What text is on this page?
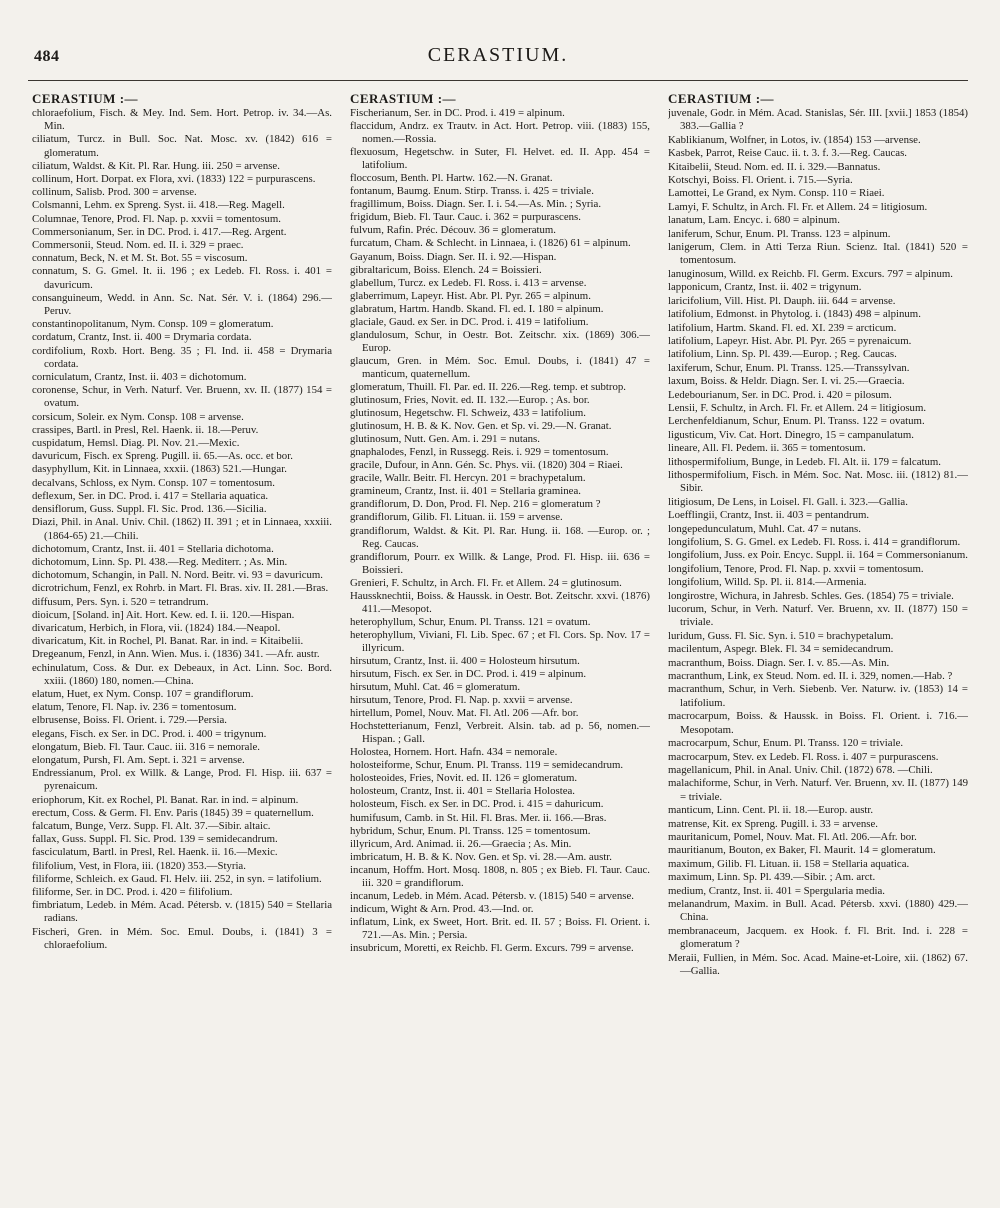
484	CERASTIUM.
CERASTIUM :—

chloraefolium, Fisch. & Mey. Ind. Sem. Hort. Petrop. iv. 34.—As. Min.

ciliatum, Turcz. in Bull. Soc. Nat. Mosc. xv. (1842) 616 = glomeratum.

ciliatum, Waldst. & Kit. Pl. Rar. Hung. iii. 250 = arvense.

collinum, Hort. Dorpat. ex Flora, xvi. (1833) 122 = purpurascens.

collinum, Salisb. Prod. 300 = arvense.

Colsmanni, Lehm. ex Spreng. Syst. ii. 418.—Reg. Magell.

Columnae, Tenore, Prod. Fl. Nap. p. xxvii = tomentosum.

Commersonianum, Ser. in DC. Prod. i. 417.—Reg. Argent.

Commersonii, Steud. Nom. ed. II. i. 329 = praec.

connatum, Beck, N. et M. St. Bot. 55 = viscosum.

connatum, S. G. Gmel. It. ii. 196 ; ex Ledeb. Fl. Ross. i. 401 = davuricum.

consanguineum, Wedd. in Ann. Sc. Nat. Sér. V. i. (1864) 296.—Peruv.

constantinopolitanum, Nym. Consp. 109 = glomeratum.

cordatum, Crantz, Inst. ii. 400 = Drymaria cordata.

cordifolium, Roxb. Hort. Beng. 35 ; Fl. Ind. ii. 458 = Drymaria cordata.

corniculatum, Crantz, Inst. ii. 403 = dichotomum.

coronense, Schur, in Verh. Naturf. Ver. Bruenn, xv. II. (1877) 154 = ovatum.

corsicum, Soleir. ex Nym. Consp. 108 = arvense.

crassipes, Bartl. in Presl, Rel. Haenk. ii. 18.—Peruv.

cuspidatum, Hemsl. Diag. Pl. Nov. 21.—Mexic.

davuricum, Fisch. ex Spreng. Pugill. ii. 65.—As. occ. et bor.

dasyphyllum, Kit. in Linnaea, xxxii. (1863) 521.—Hungar.

decalvans, Schloss, ex Nym. Consp. 107 = tomentosum.

deflexum, Ser. in DC. Prod. i. 417 = Stellaria aquatica.

densiflorum, Guss. Suppl. Fl. Sic. Prod. 136.—Sicilia.

Diazi, Phil. in Anal. Univ. Chil. (1862) II. 391 ; et in Linnaea, xxxiii. (1864-65) 21.—Chili.

dichotomum, Crantz, Inst. ii. 401 = Stellaria dichotoma.

dichotomum, Linn. Sp. Pl. 438.—Reg. Mediterr. ; As. Min.

dichotomum, Schangin, in Pall. N. Nord. Beitr. vi. 93 = davuricum.

dicrotrichum, Fenzl, ex Rohrb. in Mart. Fl. Bras. xiv. II. 281.—Bras.

diffusum, Pers. Syn. i. 520 = tetrandrum.

dioicum, [Soland. in] Ait. Hort. Kew. ed. I. ii. 120.—Hispan.

divaricatum, Herbich, in Flora, vii. (1824) 184.—Neapol.

divaricatum, Kit. in Rochel, Pl. Banat. Rar. in ind. = Kitaibelii.

Dregeanum, Fenzl, in Ann. Wien. Mus. i. (1836) 341. —Afr. austr.

echinulatum, Coss. & Dur. ex Debeaux, in Act. Linn. Soc. Bord. xxiii. (1860) 180, nomen.—China.

elatum, Huet, ex Nym. Consp. 107 = grandiflorum.

elatum, Tenore, Fl. Nap. iv. 236 = tomentosum.

elbrusense, Boiss. Fl. Orient. i. 729.—Persia.

elegans, Fisch. ex Ser. in DC. Prod. i. 400 = trigynum.

elongatum, Bieb. Fl. Taur. Cauc. iii. 316 = nemorale.

elongatum, Pursh, Fl. Am. Sept. i. 321 = arvense.

Endressianum, Prol. ex Willk. & Lange, Prod. Fl. Hisp. iii. 637 = pyrenaicum.

eriophorum, Kit. ex Rochel, Pl. Banat. Rar. in ind. = alpinum.

erectum, Coss. & Germ. Fl. Env. Paris (1845) 39 = quaternellum.

falcatum, Bunge, Verz. Supp. Fl. Alt. 37.—Sibir. altaic.

fallax, Guss. Suppl. Fl. Sic. Prod. 139 = semidecandrum.

fasciculatum, Bartl. in Presl, Rel. Haenk. ii. 16.—Mexic.

filifolium, Vest, in Flora, iii. (1820) 353.—Styria.

filiforme, Schleich. ex Gaud. Fl. Helv. iii. 252, in syn. = latifolium.

filiforme, Ser. in DC. Prod. i. 420 = filifolium.

fimbriatum, Ledeb. in Mém. Acad. Pétersb. v. (1815) 540 = Stellaria radians.

Fischeri, Gren. in Mém. Soc. Emul. Doubs, i. (1841) 3 = chloraefolium.

CERASTIUM :—

Fischerianum, Ser. in DC. Prod. i. 419 = alpinum.

flaccidum, Andrz. ex Trautv. in Act. Hort. Petrop. viii. (1883) 155, nomen.—Rossia.

flexuosum, Hegetschw. in Suter, Fl. Helvet. ed. II. App. 454 = latifolium.

floccosum, Benth. Pl. Hartw. 162.—N. Granat.

fontanum, Baumg. Enum. Stirp. Transs. i. 425 = triviale.

fragillimum, Boiss. Diagn. Ser. I. i. 54.—As. Min. ; Syria.

frigidum, Bieb. Fl. Taur. Cauc. i. 362 = purpurascens.

fulvum, Rafin. Préc. Découv. 36 = glomeratum.

furcatum, Cham. & Schlecht. in Linnaea, i. (1826) 61 = alpinum.

Gayanum, Boiss. Diagn. Ser. II. i. 92.—Hispan.

gibraltaricum, Boiss. Elench. 24 = Boissieri.

glabellum, Turcz. ex Ledeb. Fl. Ross. i. 413 = arvense.

glaberrimum, Lapeyr. Hist. Abr. Pl. Pyr. 265 = alpinum.

glabratum, Hartm. Handb. Skand. Fl. ed. I. 180 = alpinum.

glaciale, Gaud. ex Ser. in DC. Prod. i. 419 = latifolium.

glandulosum, Schur, in Oestr. Bot. Zeitschr. xix. (1869) 306.—Europ.

glaucum, Gren. in Mém. Soc. Emul. Doubs, i. (1841) 47 = manticum, quaternellum.

glomeratum, Thuill. Fl. Par. ed. II. 226.—Reg. temp. et subtrop.

glutinosum, Fries, Novit. ed. II. 132.—Europ. ; As. bor.

glutinosum, Hegetschw. Fl. Schweiz, 433 = latifolium.

glutinosum, H. B. & K. Nov. Gen. et Sp. vi. 29.—N. Granat.

glutinosum, Nutt. Gen. Am. i. 291 = nutans.

gnaphalodes, Fenzl, in Russegg. Reis. i. 929 = tomentosum.

gracile, Dufour, in Ann. Gén. Sc. Phys. vii. (1820) 304 = Riaei.

gracile, Wallr. Beitr. Fl. Hercyn. 201 = brachypetalum.

gramineum, Crantz, Inst. ii. 401 = Stellaria graminea.

grandiflorum, D. Don, Prod. Fl. Nep. 216 = glomeratum ?

grandiflorum, Gilib. Fl. Lituan. ii. 159 = arvense.

grandiflorum, Waldst. & Kit. Pl. Rar. Hung. ii. 168. —Europ. or. ; Reg. Caucas.

grandiflorum, Pourr. ex Willk. & Lange, Prod. Fl. Hisp. iii. 636 = Boissieri.

Grenieri, F. Schultz, in Arch. Fl. Fr. et Allem. 24 = glutinosum.

Haussknechtii, Boiss. & Haussk. in Oestr. Bot. Zeitschr. xxvi. (1876) 411.—Mesopot.

heterophyllum, Schur, Enum. Pl. Transs. 121 = ovatum.

heterophyllum, Viviani, Fl. Lib. Spec. 67 ; et Fl. Cors. Sp. Nov. 17 = illyricum.

hirsutum, Crantz, Inst. ii. 400 = Holosteum hirsutum.

hirsutum, Fisch. ex Ser. in DC. Prod. i. 419 = alpinum.

hirsutum, Muhl. Cat. 46 = glomeratum.

hirsutum, Tenore, Prod. Fl. Nap. p. xxvii = arvense.

hirtellum, Pomel, Nouv. Mat. Fl. Atl. 206 —Afr. bor.

Hochstetterianum, Fenzl, Verbreit. Alsin. tab. ad p. 56, nomen.—Hispan. ; Gall.

Holostea, Hornem. Hort. Hafn. 434 = nemorale.

holosteiforme, Schur, Enum. Pl. Transs. 119 = semidecandrum.

holosteoides, Fries, Novit. ed. II. 126 = glomeratum.

holosteum, Crantz, Inst. ii. 401 = Stellaria Holostea.

holosteum, Fisch. ex Ser. in DC. Prod. i. 415 = dahuricum.

humifusum, Camb. in St. Hil. Fl. Bras. Mer. ii. 166.—Bras.

hybridum, Schur, Enum. Pl. Transs. 125 = tomentosum.

illyricum, Ard. Animad. ii. 26.—Graecia ; As. Min.

imbricatum, H. B. & K. Nov. Gen. et Sp. vi. 28.—Am. austr.

incanum, Hoffm. Hort. Mosq. 1808, n. 805 ; ex Bieb. Fl. Taur. Cauc. iii. 320 = grandiflorum.

incanum, Ledeb. in Mém. Acad. Pétersb. v. (1815) 540 = arvense.

indicum, Wight & Arn. Prod. 43.—Ind. or.

inflatum, Link, ex Sweet, Hort. Brit. ed. II. 57 ; Boiss. Fl. Orient. i. 721.—As. Min. ; Persia.

insubricum, Moretti, ex Reichb. Fl. Germ. Excurs. 799 = arvense.

CERASTIUM :—

juvenale, Godr. in Mém. Acad. Stanislas, Sér. III. [xvii.] 1853 (1854) 383.—Gallia ?

Kablikianum, Wolfner, in Lotos, iv. (1854) 153 —arvense.

Kasbek, Parrot, Reise Cauc. ii. t. 3. f. 3.—Reg. Caucas.

Kitaibelii, Steud. Nom. ed. II. i. 329.—Bannatus.

Kotschyi, Boiss. Fl. Orient. i. 715.—Syria.

Lamottei, Le Grand, ex Nym. Consp. 110 = Riaei.

Lamyi, F. Schultz, in Arch. Fl. Fr. et Allem. 24 = litigiosum.

lanatum, Lam. Encyc. i. 680 = alpinum.

laniferum, Schur, Enum. Pl. Transs. 123 = alpinum.

lanigerum, Clem. in Atti Terza Riun. Scienz. Ital. (1841) 520 = tomentosum.

lanuginosum, Willd. ex Reichb. Fl. Germ. Excurs. 797 = alpinum.

lapponicum, Crantz, Inst. ii. 402 = trigynum.

laricifolium, Vill. Hist. Pl. Dauph. iii. 644 = arvense.

latifolium, Edmonst. in Phytolog. i. (1843) 498 = alpinum.

latifolium, Hartm. Skand. Fl. ed. XI. 239 = arcticum.

latifolium, Lapeyr. Hist. Abr. Pl. Pyr. 265 = pyrenaicum.

latifolium, Linn. Sp. Pl. 439.—Europ. ; Reg. Caucas.

laxiferum, Schur, Enum. Pl. Transs. 125.—Transsylvan.

laxum, Boiss. & Heldr. Diagn. Ser. I. vi. 25.—Graecia.

Ledebourianum, Ser. in DC. Prod. i. 420 = pilosum.

Lensii, F. Schultz, in Arch. Fl. Fr. et Allem. 24 = litigiosum.

Lerchenfeldianum, Schur, Enum. Pl. Transs. 122 = ovatum.

ligusticum, Viv. Cat. Hort. Dinegro, 15 = campanulatum.

lineare, All. Fl. Pedem. ii. 365 = tomentosum.

lithospermifolium, Bunge, in Ledeb. Fl. Alt. ii. 179 = falcatum.

lithospermifolium, Fisch. in Mém. Soc. Nat. Mosc. iii. (1812) 81.—Sibir.

litigiosum, De Lens, in Loisel. Fl. Gall. i. 323.—Gallia.

Loefflingii, Crantz, Inst. ii. 403 = pentandrum.

longepedunculatum, Muhl. Cat. 47 = nutans.

longifolium, S. G. Gmel. ex Ledeb. Fl. Ross. i. 414 = grandiflorum.

longifolium, Juss. ex Poir. Encyc. Suppl. ii. 164 = Commersonianum.

longifolium, Tenore, Prod. Fl. Nap. p. xxvii = tomentosum.

longifolium, Willd. Sp. Pl. ii. 814.—Armenia.

longirostre, Wichura, in Jahresb. Schles. Ges. (1854) 75 = triviale.

lucorum, Schur, in Verh. Naturf. Ver. Bruenn, xv. II. (1877) 150 = triviale.

luridum, Guss. Fl. Sic. Syn. i. 510 = brachypetalum.

macilentum, Aspegr. Blek. Fl. 34 = semidecandrum.

macranthum, Boiss. Diagn. Ser. I. v. 85.—As. Min.

macranthum, Link, ex Steud. Nom. ed. II. i. 329, nomen.—Hab. ?

macranthum, Schur, in Verh. Siebenb. Ver. Naturw. iv. (1853) 14 = latifolium.

macrocarpum, Boiss. & Haussk. in Boiss. Fl. Orient. i. 716.—Mesopotam.

macrocarpum, Schur, Enum. Pl. Transs. 120 = triviale.

macrocarpum, Stev. ex Ledeb. Fl. Ross. i. 407 = purpurascens.

magellanicum, Phil. in Anal. Univ. Chil. (1872) 678. —Chili.

malachiforme, Schur, in Verh. Naturf. Ver. Bruenn, xv. II. (1877) 149 = triviale.

manticum, Linn. Cent. Pl. ii. 18.—Europ. austr.

matrense, Kit. ex Spreng. Pugill. i. 33 = arvense.

mauritanicum, Pomel, Nouv. Mat. Fl. Atl. 206.—Afr. bor.

mauritianum, Bouton, ex Baker, Fl. Maurit. 14 = glomeratum.

maximum, Gilib. Fl. Lituan. ii. 158 = Stellaria aquatica.

maximum, Linn. Sp. Pl. 439.—Sibir. ; Am. arct.

medium, Crantz, Inst. ii. 401 = Spergularia media.

melanandrum, Maxim. in Bull. Acad. Pétersb. xxvi. (1880) 429.—China.

membranaceum, Jacquem. ex Hook. f. Fl. Brit. Ind. i. 228 = glomeratum ?

Meraii, Fullien, in Mém. Soc. Acad. Maine-et-Loire, xii. (1862) 67.—Gallia.
